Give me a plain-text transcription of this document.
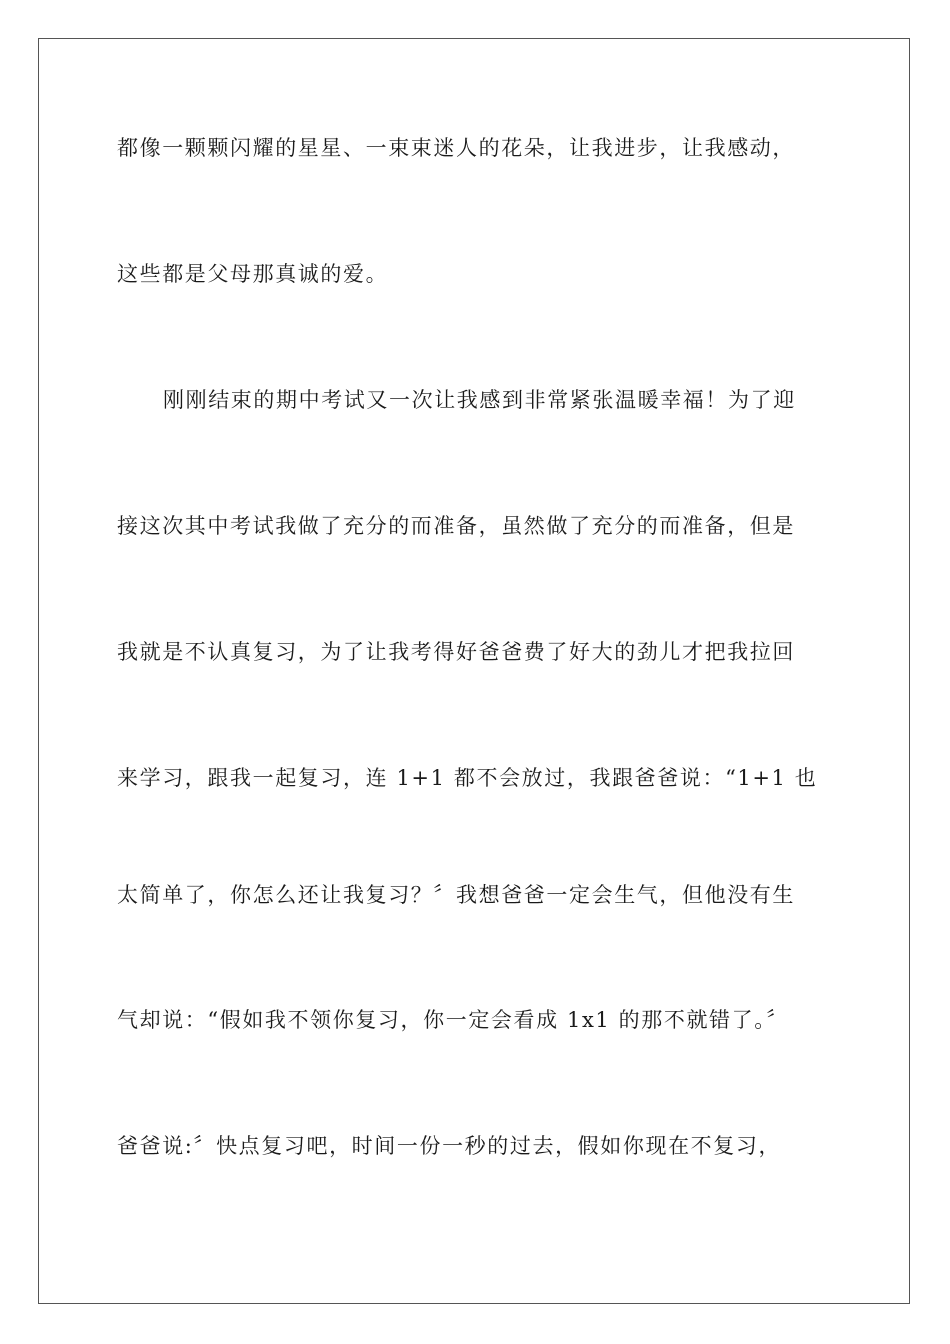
都像一颗颗闪耀的星星、一束束迷人的花朵，让我进步，让我感动，

这些都是父母那真诚的爱。

刚刚结束的期中考试又一次让我感到非常紧张温暖幸福！为了迎

接这次其中考试我做了充分的而准备，虽然做了充分的而准备，但是

我就是不认真复习，为了让我考得好爸爸费了好大的劲儿才把我拉回

来学习，跟我一起复习，连 1+1 都不会放过，我跟爸爸说：“1+1 也

太简单了，你怎么还让我复习？〞我想爸爸一定会生气，但他没有生

气却说：“假如我不领你复习，你一定会看成 1x1 的那不就错了。〞

爸爸说:〞快点复习吧，时间一份一秒的过去，假如你现在不复习，
